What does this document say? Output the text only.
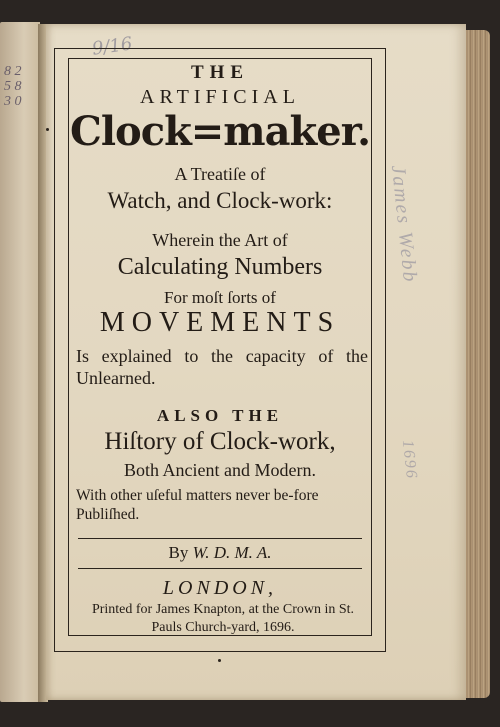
8 2
5 8
3 0
9/16
James Webb
1696
THE
ARTIFICIAL
Clock=maker.
A Treatiſe of
Watch, and Clock-work:
Wherein the Art of
Calculating Numbers
For moſt ſorts of
MOVEMENTS
Is explained to the capacity of the Unlearned.
ALSO THE
Hiſtory of Clock-work,
Both Ancient and Modern.
With other uſeful matters never be-fore Publiſhed.
By W. D. M. A.
LONDON,
Printed for James Knapton, at the Crown in St. Pauls Church-yard, 1696.
